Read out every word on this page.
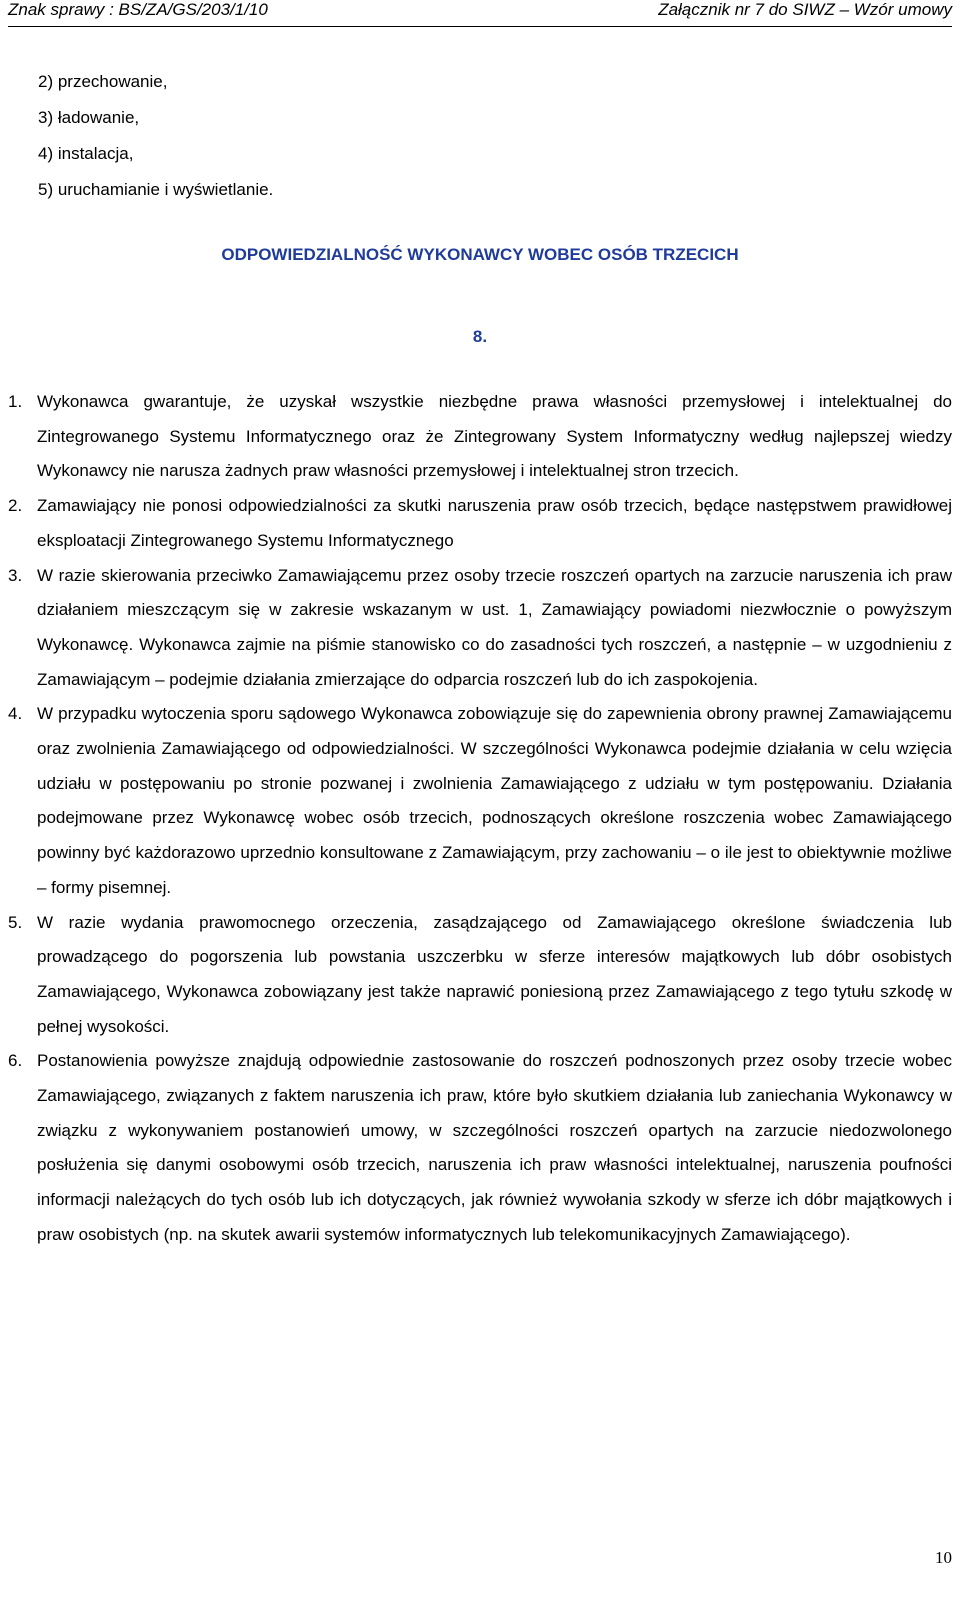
Znak sprawy : BS/ZA/GS/203/1/10	Załącznik nr 7 do SIWZ – Wzór umowy
2) przechowanie,
3) ładowanie,
4) instalacja,
5) uruchamianie i wyświetlanie.
ODPOWIEDZIALNOŚĆ WYKONAWCY WOBEC OSÓB TRZECICH
8.
1. Wykonawca gwarantuje, że uzyskał wszystkie niezbędne prawa własności przemysłowej i intelektualnej do Zintegrowanego Systemu Informatycznego oraz że Zintegrowany System Informatyczny według najlepszej wiedzy Wykonawcy nie narusza żadnych praw własności przemysłowej i intelektualnej stron trzecich.
2. Zamawiający nie ponosi odpowiedzialności za skutki naruszenia praw osób trzecich, będące następstwem prawidłowej eksploatacji Zintegrowanego Systemu Informatycznego
3. W razie skierowania przeciwko Zamawiającemu przez osoby trzecie roszczeń opartych na zarzucie naruszenia ich praw działaniem mieszczącym się w zakresie wskazanym w ust. 1, Zamawiający powiadomi niezwłocznie o powyższym Wykonawcę. Wykonawca zajmie na piśmie stanowisko co do zasadności tych roszczeń, a następnie – w uzgodnieniu z Zamawiającym – podejmie działania zmierzające do odparcia roszczeń lub do ich zaspokojenia.
4. W przypadku wytoczenia sporu sądowego Wykonawca zobowiązuje się do zapewnienia obrony prawnej Zamawiającemu oraz zwolnienia Zamawiającego od odpowiedzialności. W szczególności Wykonawca podejmie działania w celu wzięcia udziału w postępowaniu po stronie pozwanej i zwolnienia Zamawiającego z udziału w tym postępowaniu. Działania podejmowane przez Wykonawcę wobec osób trzecich, podnoszących określone roszczenia wobec Zamawiającego powinny być każdorazowo uprzednio konsultowane z Zamawiającym, przy zachowaniu – o ile jest to obiektywnie możliwe – formy pisemnej.
5. W razie wydania prawomocnego orzeczenia, zasądzającego od Zamawiającego określone świadczenia lub prowadzącego do pogorszenia lub powstania uszczerbku w sferze interesów majątkowych lub dóbr osobistych Zamawiającego, Wykonawca zobowiązany jest także naprawić poniesioną przez Zamawiającego z tego tytułu szkodę w pełnej wysokości.
6. Postanowienia powyższe znajdują odpowiednie zastosowanie do roszczeń podnoszonych przez osoby trzecie wobec Zamawiającego, związanych z faktem naruszenia ich praw, które było skutkiem działania lub zaniechania Wykonawcy w związku z wykonywaniem postanowień umowy, w szczególności roszczeń opartych na zarzucie niedozwolonego posłużenia się danymi osobowymi osób trzecich, naruszenia ich praw własności intelektualnej, naruszenia poufności informacji należących do tych osób lub ich dotyczących, jak również wywołania szkody w sferze ich dóbr majątkowych i praw osobistych (np. na skutek awarii systemów informatycznych lub telekomunikacyjnych Zamawiającego).
10
